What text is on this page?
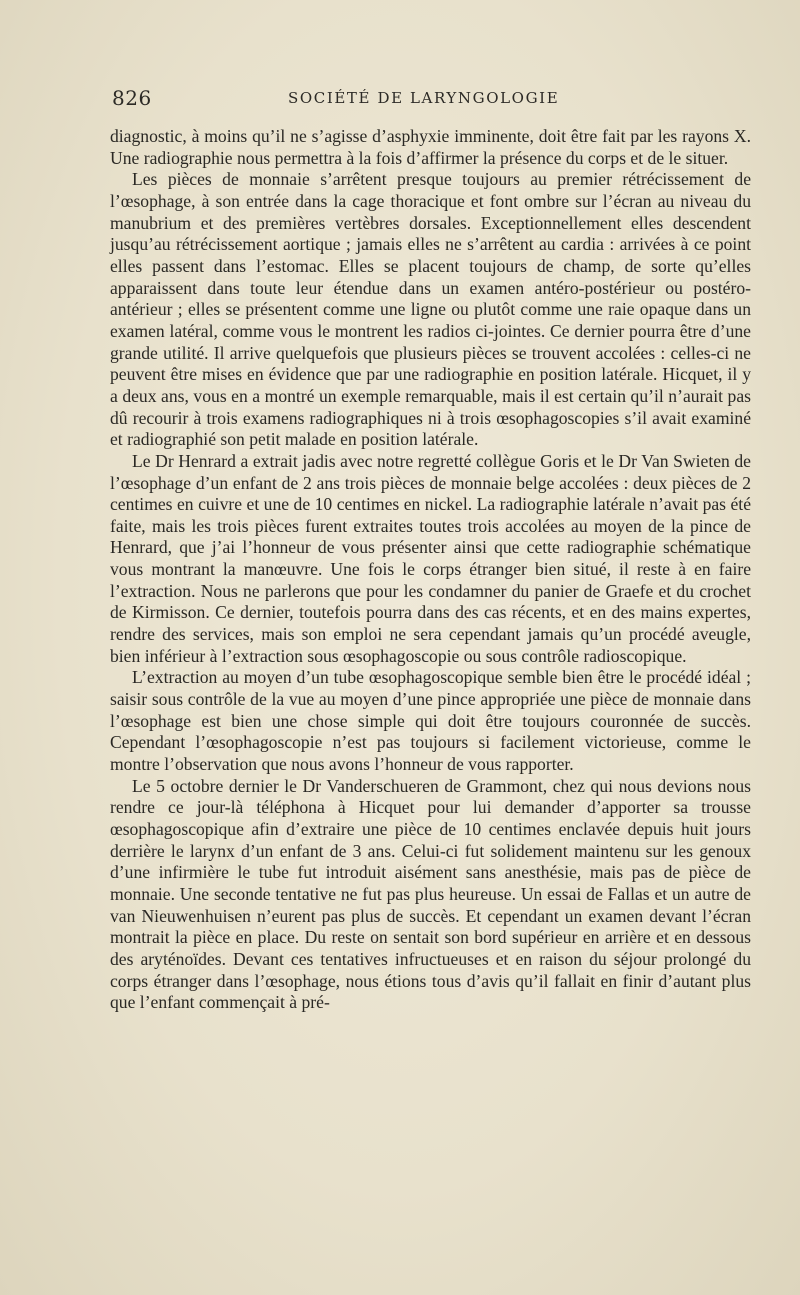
826	SOCIÉTÉ DE LARYNGOLOGIE

diagnostic, à moins qu’il ne s’agisse d’asphyxie imminente, doit être fait par les rayons X. Une radiographie nous permettra à la fois d’affirmer la présence du corps et de le situer.

Les pièces de monnaie s’arrêtent presque toujours au premier rétrécissement de l’œsophage, à son entrée dans la cage thoracique et font ombre sur l’écran au niveau du manubrium et des premières vertèbres dorsales. Exceptionnellement elles descendent jusqu’au rétrécissement aortique ; jamais elles ne s’arrêtent au cardia : arrivées à ce point elles passent dans l’estomac. Elles se placent toujours de champ, de sorte qu’elles apparaissent dans toute leur étendue dans un examen antéro-postérieur ou postéro-antérieur ; elles se présentent comme une ligne ou plutôt comme une raie opaque dans un examen latéral, comme vous le montrent les radios ci-jointes. Ce dernier pourra être d’une grande utilité. Il arrive quelquefois que plusieurs pièces se trouvent accolées : celles-ci ne peuvent être mises en évidence que par une radiographie en position latérale. Hicquet, il y a deux ans, vous en a montré un exemple remarquable, mais il est certain qu’il n’aurait pas dû recourir à trois examens radiographiques ni à trois œsophagoscopies s’il avait examiné et radiographié son petit malade en position latérale.

Le Dr Henrard a extrait jadis avec notre regretté collègue Goris et le Dr Van Swieten de l’œsophage d’un enfant de 2 ans trois pièces de monnaie belge accolées : deux pièces de 2 centimes en cuivre et une de 10 centimes en nickel. La radiographie latérale n’avait pas été faite, mais les trois pièces furent extraites toutes trois accolées au moyen de la pince de Henrard, que j’ai l’honneur de vous présenter ainsi que cette radiographie schématique vous montrant la manœuvre. Une fois le corps étranger bien situé, il reste à en faire l’extraction. Nous ne parlerons que pour les condamner du panier de Graefe et du crochet de Kirmisson. Ce dernier, toutefois pourra dans des cas récents, et en des mains expertes, rendre des services, mais son emploi ne sera cependant jamais qu’un procédé aveugle, bien inférieur à l’extraction sous œsophagoscopie ou sous contrôle radioscopique.

L’extraction au moyen d’un tube œsophagoscopique semble bien être le procédé idéal ; saisir sous contrôle de la vue au moyen d’une pince appropriée une pièce de monnaie dans l’œsophage est bien une chose simple qui doit être toujours couronnée de succès. Cependant l’œsophagoscopie n’est pas toujours si facilement victorieuse, comme le montre l’observation que nous avons l’honneur de vous rapporter.

Le 5 octobre dernier le Dr Vanderschueren de Grammont, chez qui nous devions nous rendre ce jour-là téléphona à Hicquet pour lui demander d’apporter sa trousse œsophagoscopique afin d’extraire une pièce de 10 centimes enclavée depuis huit jours derrière le larynx d’un enfant de 3 ans. Celui-ci fut solidement maintenu sur les genoux d’une infirmière le tube fut introduit aisément sans anesthésie, mais pas de pièce de monnaie. Une seconde tentative ne fut pas plus heureuse. Un essai de Fallas et un autre de van Nieuwenhuisen n’eurent pas plus de succès. Et cependant un examen devant l’écran montrait la pièce en place. Du reste on sentait son bord supérieur en arrière et en dessous des aryténoïdes. Devant ces tentatives infructueuses et en raison du séjour prolongé du corps étranger dans l’œsophage, nous étions tous d’avis qu’il fallait en finir d’autant plus que l’enfant commençait à pré-
